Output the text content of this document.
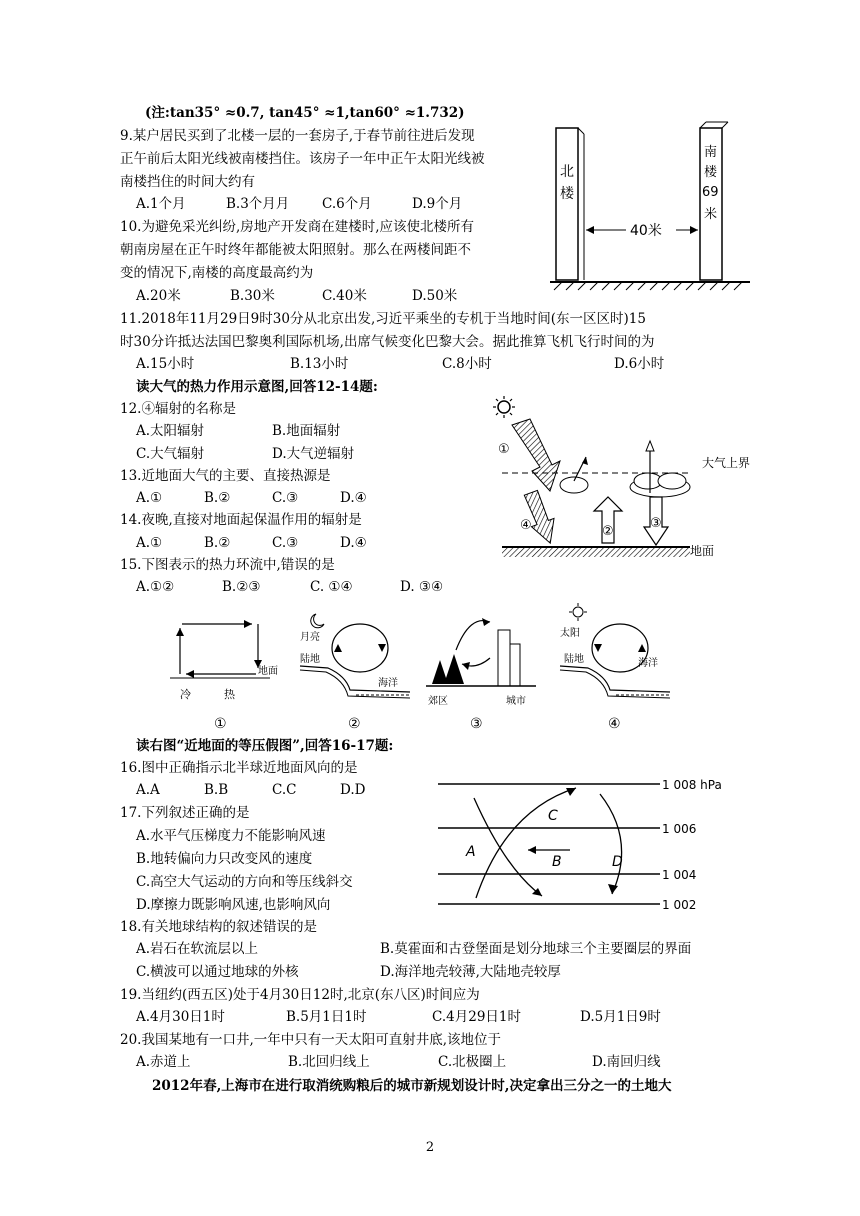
(注:tan35° ≈0.7, tan45° ≈1,tan60° ≈1.732)
9.某户居民买到了北楼一层的一套房子,于春节前往进后发现
正午前后太阳光线被南楼挡住。该房子一年中正午太阳光线被
南楼挡住的时间大约有
A.1个月	B.3个月月 C.6个月	D.9个月
10.为避免采光纠纷,房地产开发商在建楼时,应该使北楼所有
朝南房屋在正午时终年都能被太阳照射。那么在两楼间距不
变的情况下,南楼的高度最高约为
A.20米	B.30米	C.40米	D.50米
11.2018年11月29日9时30分从北京出发,习近平乘坐的专机于当地时间(东一区区时)15
时30分许抵达法国巴黎奥利国际机场,出席气候变化巴黎大会。据此推算飞机飞行时间的为
A.15小时	B.13小时	C.8小时	D.6小时
读大气的热力作用示意图,回答12-14题:
12.④辐射的名称是
A.太阳辐射	B.地面辐射
C.大气辐射	D.大气逆辐射
13.近地面大气的主要、直接热源是
A.①	B.②	C.③	D.④
14.夜晚,直接对地面起保温作用的辐射是
A.①	B.②	C.③	D.④
15.下图表示的热力环流中,错误的是
A.①②	B.②③	C. ①④	D. ③④
读右图“近地面的等压假图”,回答16-17题:
16.图中正确指示北半球近地面风向的是
A.A	B.B	C.C	D.D
17.下列叙述正确的是
A.水平气压梯度力不能影响风速
B.地转偏向力只改变风的速度
C.高空大气运动的方向和等压线斜交
D.摩擦力既影响风速,也影响风向
18.有关地球结构的叙述错误的是
A.岩石在软流层以上	B.莫霍面和古登堡面是划分地球三个主要圈层的界面
C.横波可以通过地球的外核	D.海洋地壳较薄,大陆地壳较厚
19.当纽约(西五区)处于4月30日12时,北京(东八区)时间应为
A.4月30日1时	B.5月1日1时	C.4月29日1时	D.5月1日9时
20.我国某地有一口井,一年中只有一天太阳可直射井底,该地位于
A.赤道上	B.北回归线上	C.北极圈上	D.南回归线
2012年春,上海市在进行取消统购粮后的城市新规划设计时,决定拿出三分之一的土地大
2
北
楼
南
楼
69
米
40米
①
大气上界
④	②
③
地面
地面
冷	热
①
月亮
陆地
海洋
②
郊区	城市
③
太阳
陆地	海洋
④
1 008 hPa
1 006
1 004
1 002
A
B
C
D
